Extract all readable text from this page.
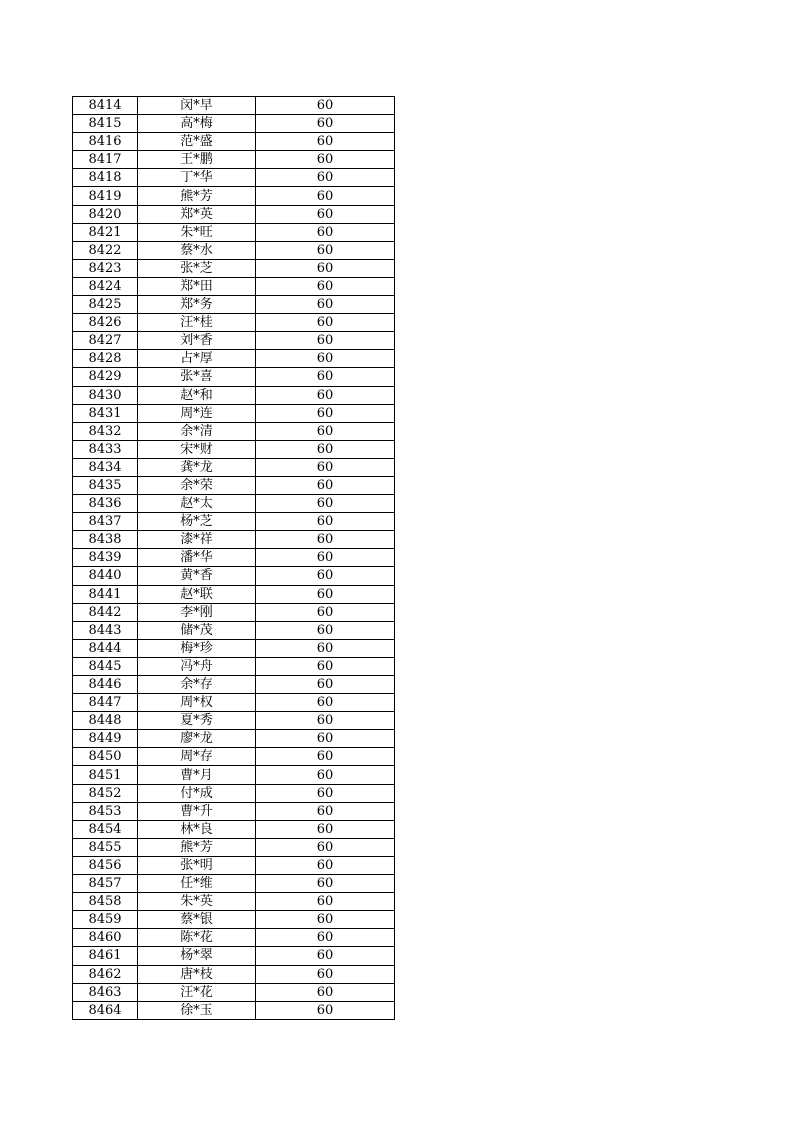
8414	闵*早	60
8415	高*梅	60
8416	范*盛	60
8417	王*鹏	60
8418	丁*华	60
8419	熊*芳	60
8420	郑*英	60
8421	朱*旺	60
8422	蔡*水	60
8423	张*芝	60
8424	郑*田	60
8425	郑*务	60
8426	汪*桂	60
8427	刘*香	60
8428	占*厚	60
8429	张*喜	60
8430	赵*和	60
8431	周*连	60
8432	余*清	60
8433	宋*财	60
8434	龚*龙	60
8435	余*荣	60
8436	赵*太	60
8437	杨*芝	60
8438	漆*祥	60
8439	潘*华	60
8440	黄*香	60
8441	赵*联	60
8442	李*刚	60
8443	储*茂	60
8444	梅*珍	60
8445	冯*舟	60
8446	余*存	60
8447	周*权	60
8448	夏*秀	60
8449	廖*龙	60
8450	周*存	60
8451	曹*月	60
8452	付*成	60
8453	曹*升	60
8454	林*良	60
8455	熊*芳	60
8456	张*明	60
8457	任*维	60
8458	朱*英	60
8459	蔡*银	60
8460	陈*花	60
8461	杨*翠	60
8462	唐*枝	60
8463	汪*花	60
8464	徐*玉	60
